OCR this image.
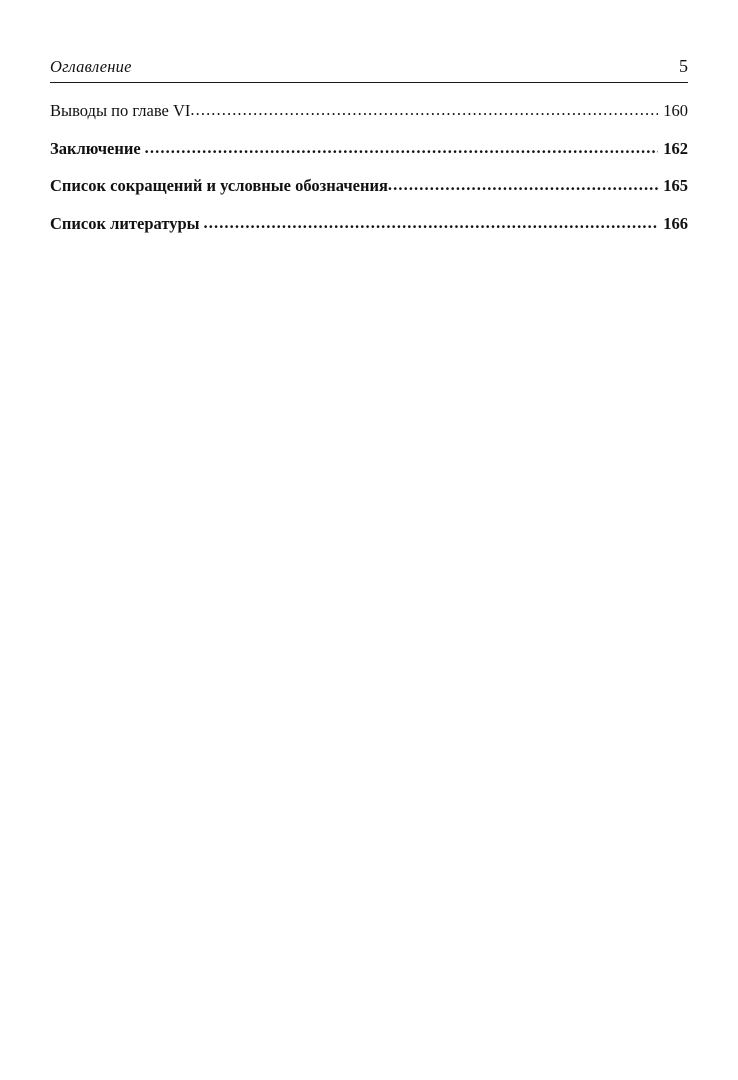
Оглавление	5
Выводы по главе VI .....	160
Заключение .....	162
Список сокращений и условные обозначения .....	165
Список литературы .....	166
